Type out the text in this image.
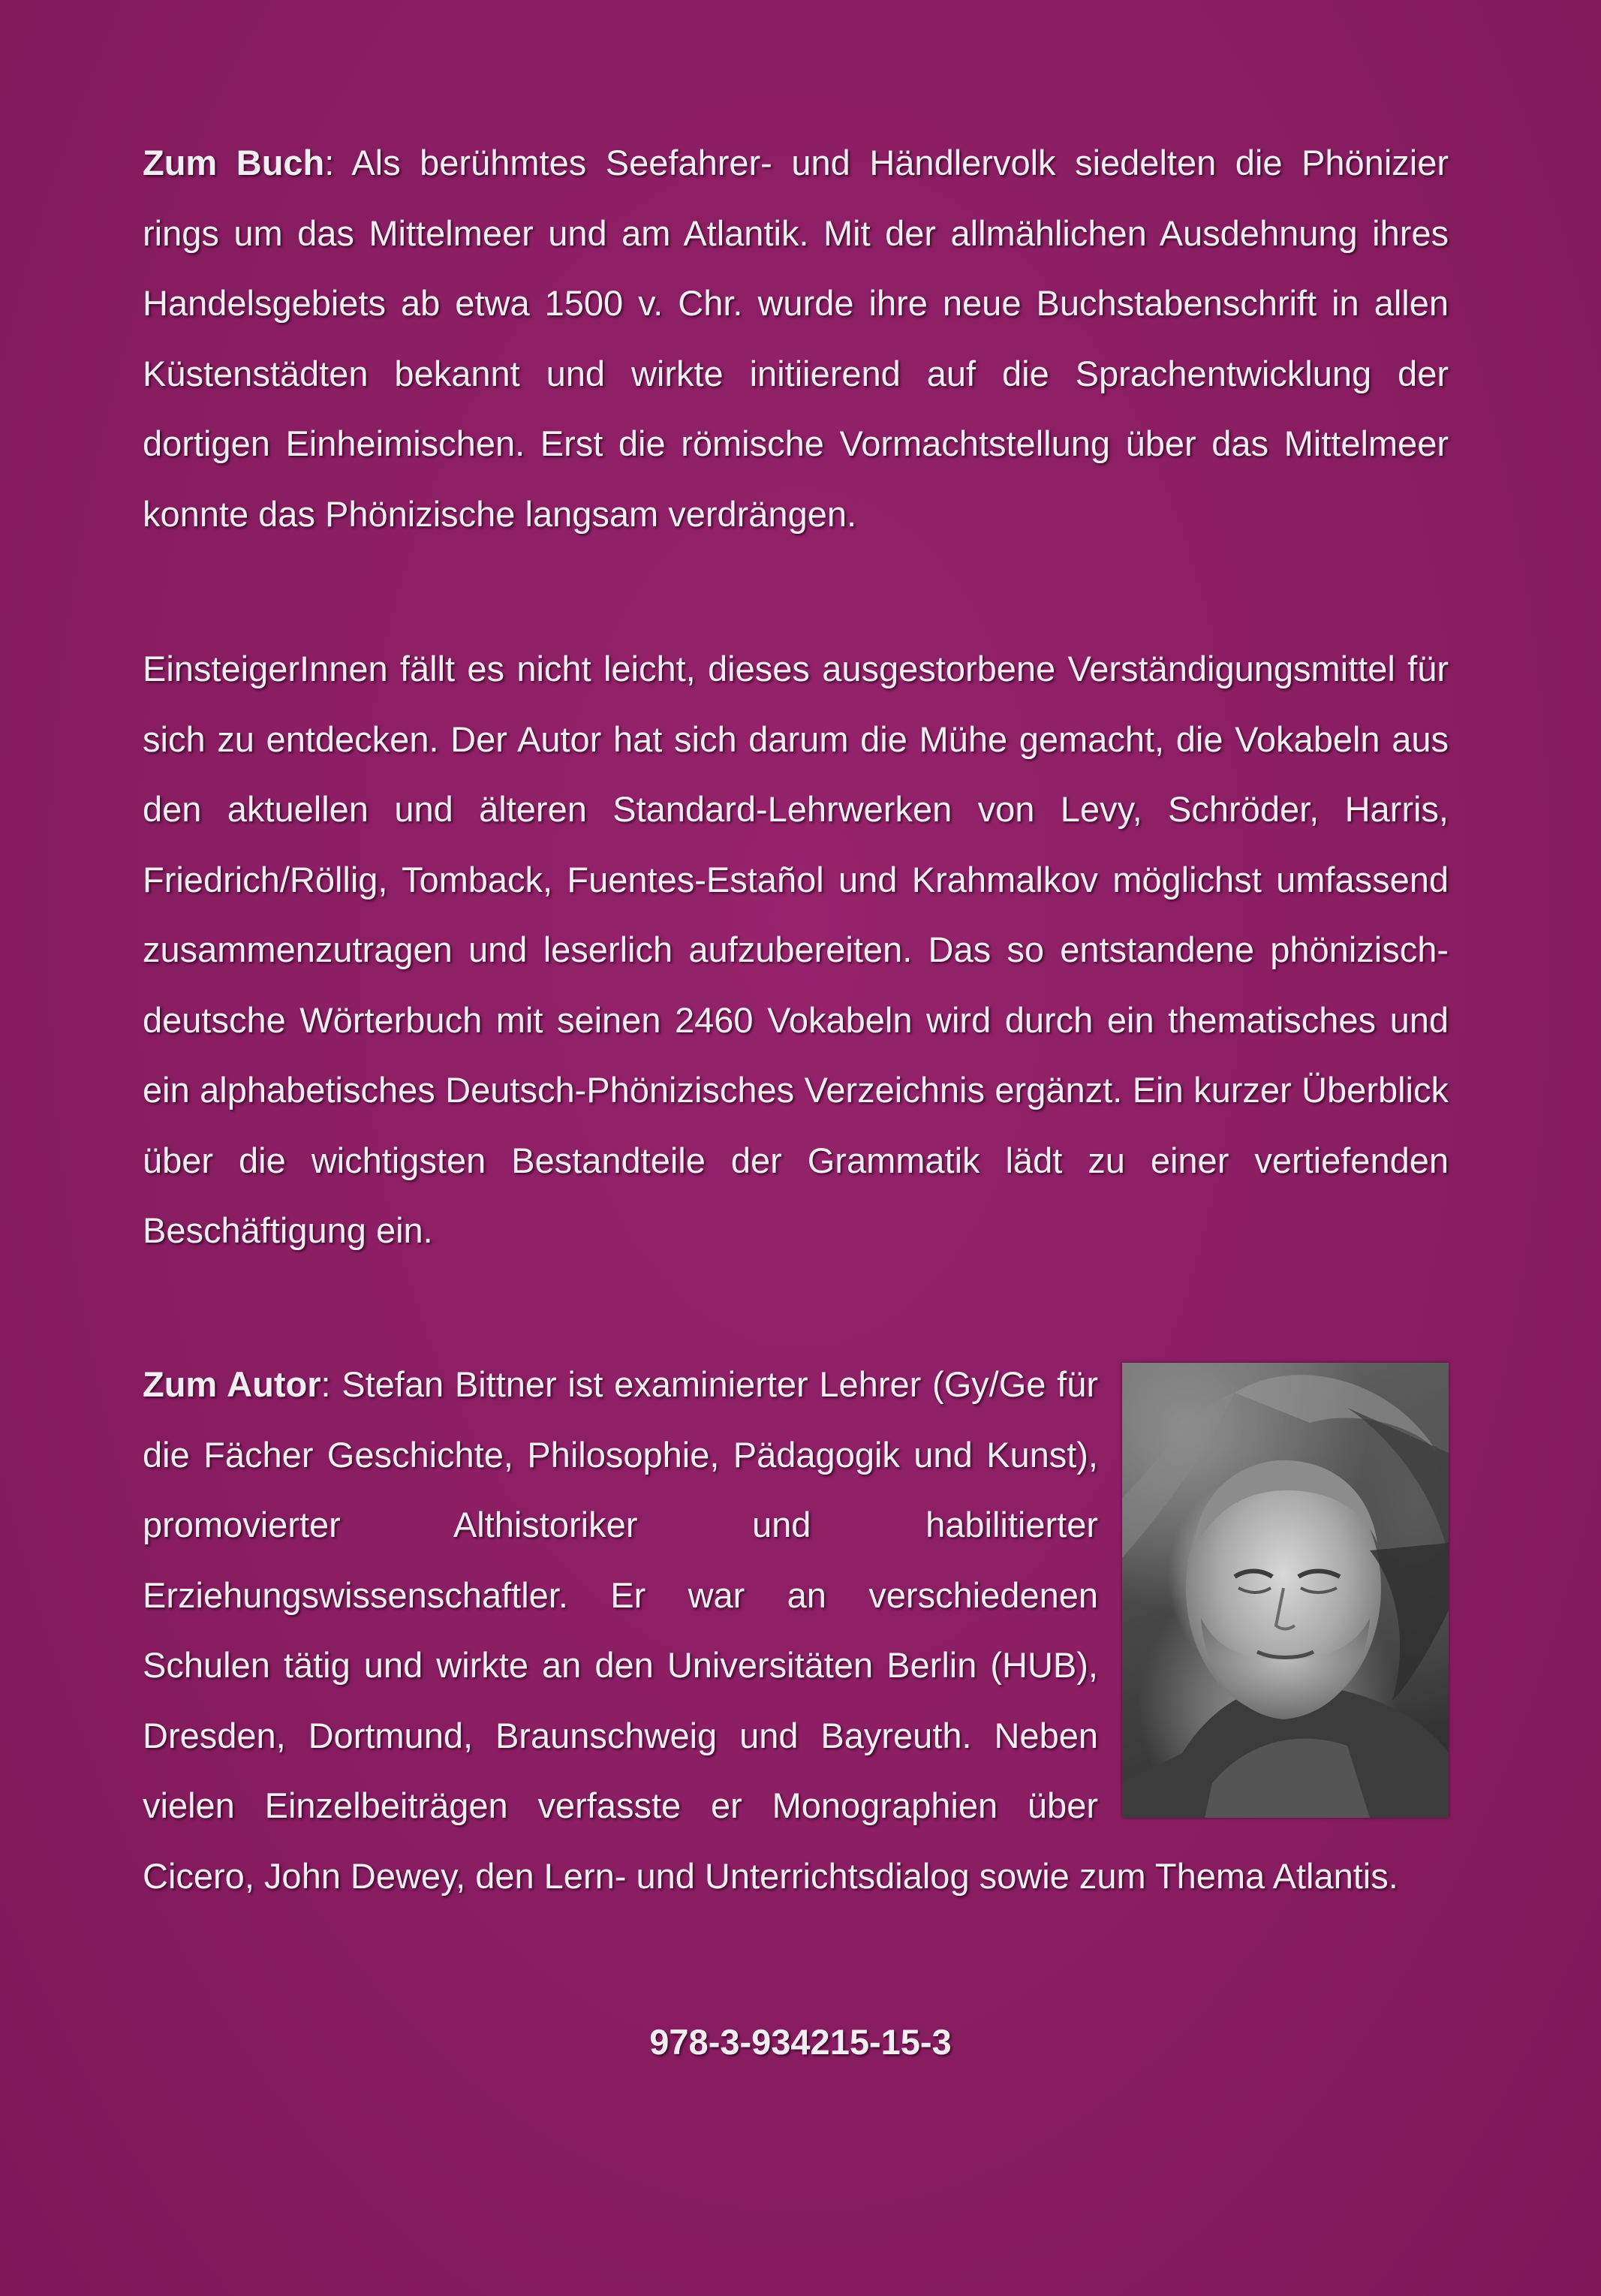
Zum Buch: Als berühmtes Seefahrer- und Händlervolk siedelten die Phönizier rings um das Mittelmeer und am Atlantik. Mit der allmählichen Ausdehnung ihres Handelsgebiets ab etwa 1500 v. Chr. wurde ihre neue Buchstabenschrift in allen Küstenstädten bekannt und wirkte initiierend auf die Sprachentwicklung der dortigen Einheimischen. Erst die römische Vormachtstellung über das Mittelmeer konnte das Phönizische langsam verdrängen.

EinsteigerInnen fällt es nicht leicht, dieses ausgestorbene Verständigungsmittel für sich zu entdecken. Der Autor hat sich darum die Mühe gemacht, die Vokabeln aus den aktuellen und älteren Standard-Lehrwerken von Levy, Schröder, Harris, Friedrich/Röllig, Tomback, Fuentes-Estañol und Krahmalkov möglichst umfassend zusammenzutragen und leserlich aufzubereiten. Das so entstandene phönizisch-deutsche Wörterbuch mit seinen 2460 Vokabeln wird durch ein thematisches und ein alphabetisches Deutsch-Phönizisches Verzeichnis ergänzt. Ein kurzer Überblick über die wichtigsten Bestandteile der Grammatik lädt zu einer vertiefenden Beschäftigung ein.

Zum Autor: Stefan Bittner ist examinierter Lehrer (Gy/Ge für die Fächer Geschichte, Philosophie, Pädagogik und Kunst), promovierter Althistoriker und habilitierter Erziehungswissenschaftler. Er war an verschiedenen Schulen tätig und wirkte an den Universitäten Berlin (HUB), Dresden, Dortmund, Braunschweig und Bayreuth. Neben vielen Einzelbeiträgen verfasste er Monographien über Cicero, John Dewey, den Lern- und Unterrichtsdialog sowie zum Thema Atlantis.

978-3-934215-15-3
